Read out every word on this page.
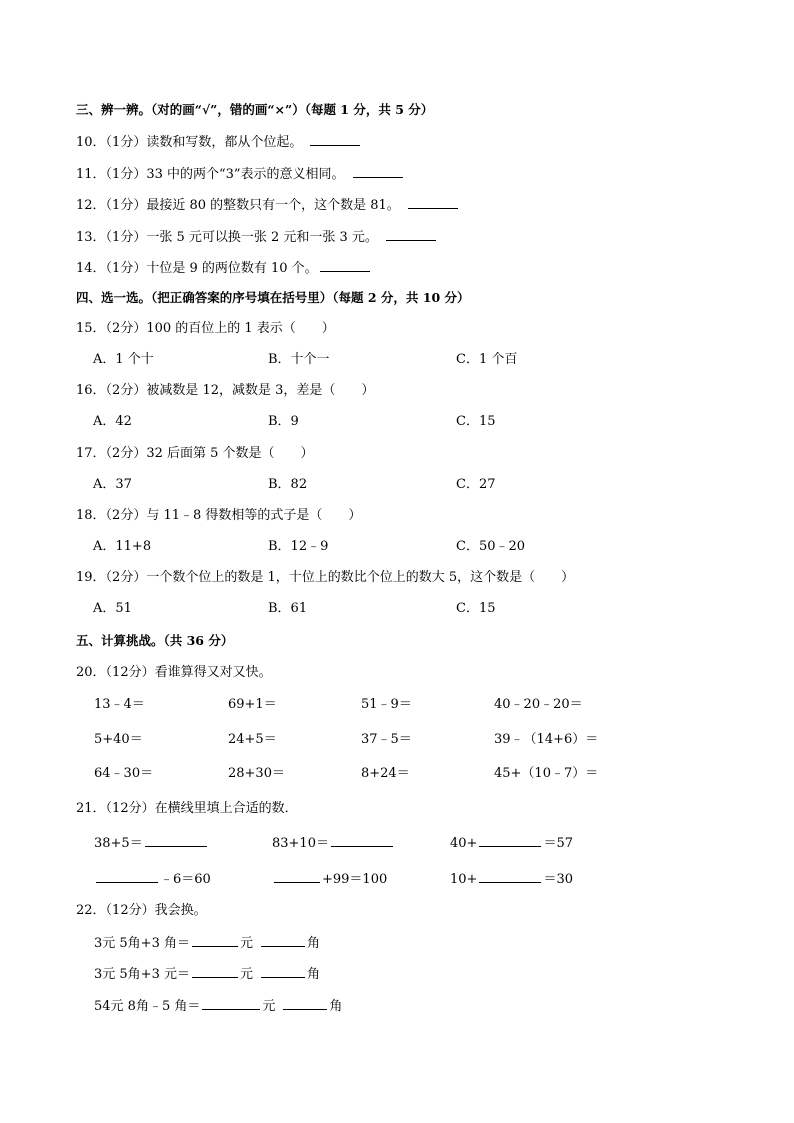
三、辨一辨。（对的画“√”，错的画“×”）（每题 1 分，共 5 分）
10．（1分）读数和写数，都从个位起。
11．（1分）33 中的两个“3”表示的意义相同。
12．（1分）最接近 80 的整数只有一个，这个数是 81。
13．（1分）一张 5 元可以换一张 2 元和一张 3 元。
14．（1分）十位是 9 的两位数有 10 个。
四、选一选。（把正确答案的序号填在括号里）（每题 2 分，共 10 分）
15．（2分）100 的百位上的 1 表示（　　）
A．1 个十	B．十个一	C．1 个百
16．（2分）被减数是 12，减数是 3，差是（　　）
A．42	B．9	C．15
17．（2分）32 后面第 5 个数是（　　）
A．37	B．82	C．27
18．（2分）与 11﹣8 得数相等的式子是（　　）
A．11+8	B．12﹣9	C．50﹣20
19．（2分）一个数个位上的数是 1，十位上的数比个位上的数大 5，这个数是（　　）
A．51	B．61	C．15
五、计算挑战。（共 36 分）
20．（12分）看谁算得又对又快。
13﹣4＝	69+1＝	51﹣9＝	40﹣20﹣20＝
5+40＝	24+5＝	37﹣5＝	39﹣（14+6）＝
64﹣30＝	28+30＝	8+24＝	45+（10﹣7）＝
21．（12分）在横线里填上合适的数．
38+5＝	83+10＝	40+	＝57
﹣6＝60	+99＝100	10+	＝30
22．（12分）我会换。
3元 5角+3 角＝	元	角
3元 5角+3 元＝	元	角
54元 8角﹣5 角＝	元	角
